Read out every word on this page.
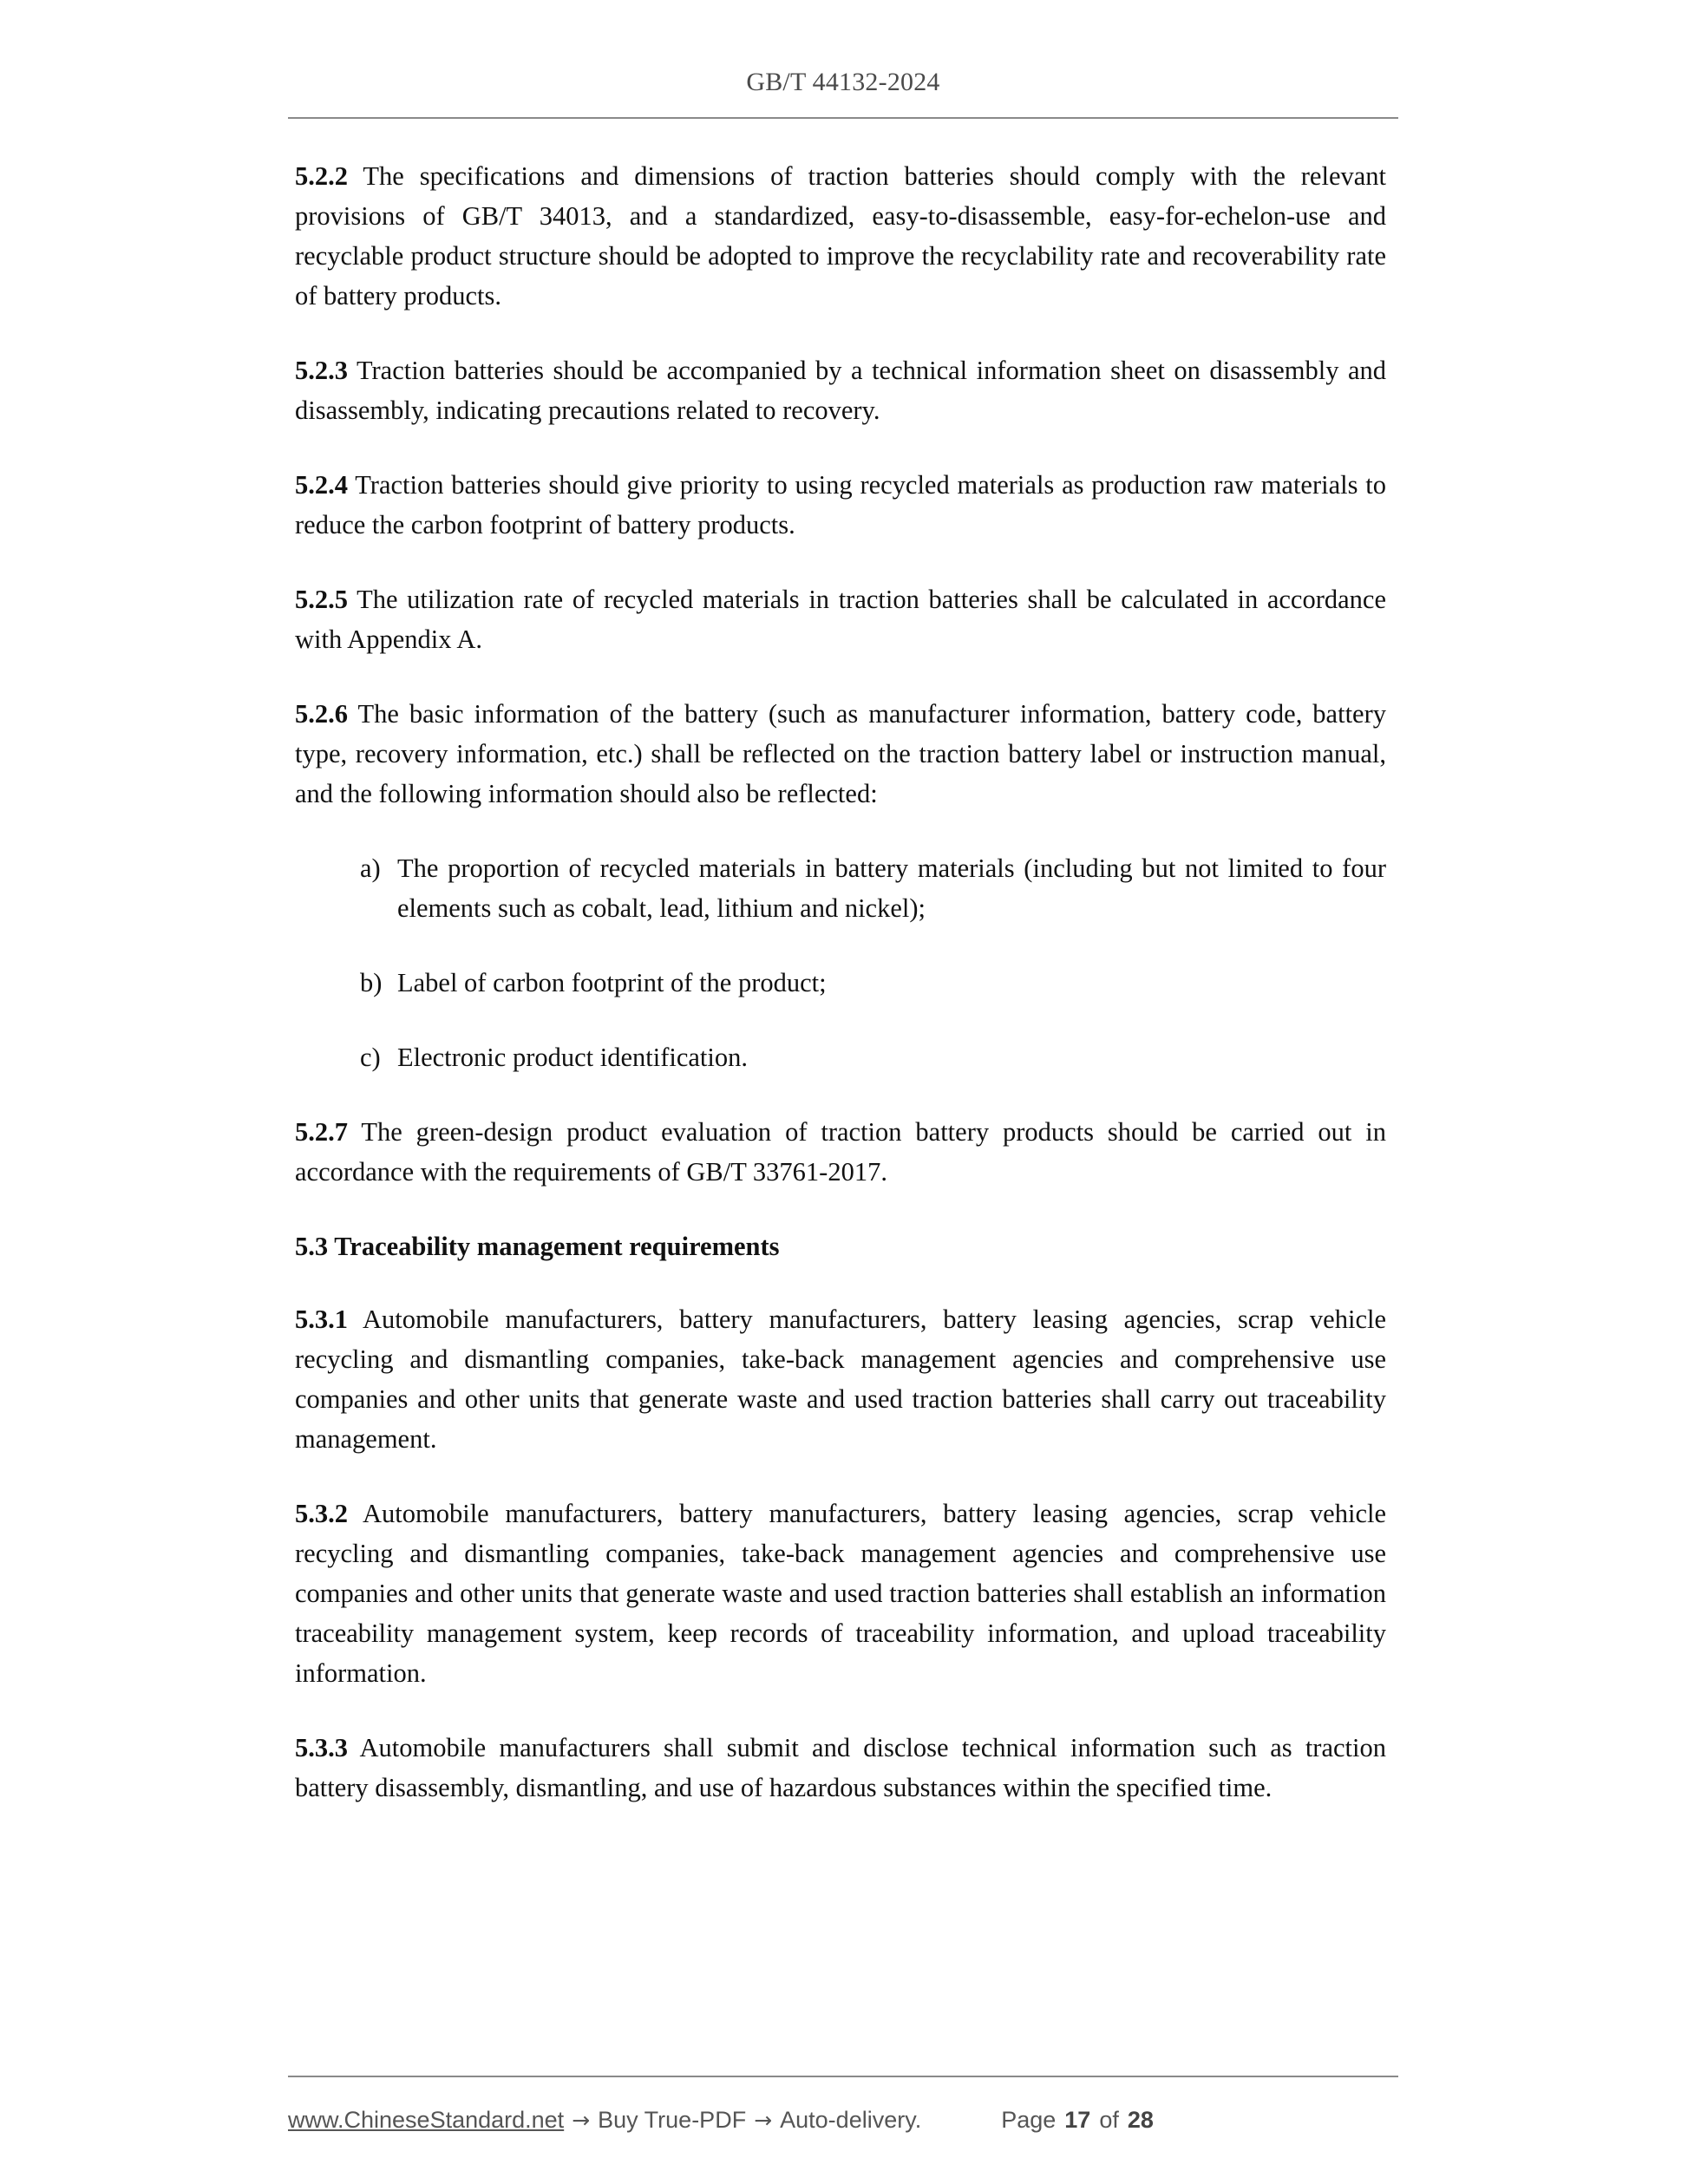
GB/T 44132-2024

5.2.2 The specifications and dimensions of traction batteries should comply with the relevant provisions of GB/T 34013, and a standardized, easy-to-disassemble, easy-for-echelon-use and recyclable product structure should be adopted to improve the recyclability rate and recoverability rate of battery products.

5.2.3 Traction batteries should be accompanied by a technical information sheet on disassembly and disassembly, indicating precautions related to recovery.

5.2.4 Traction batteries should give priority to using recycled materials as production raw materials to reduce the carbon footprint of battery products.

5.2.5 The utilization rate of recycled materials in traction batteries shall be calculated in accordance with Appendix A.

5.2.6 The basic information of the battery (such as manufacturer information, battery code, battery type, recovery information, etc.) shall be reflected on the traction battery label or instruction manual, and the following information should also be reflected:

a) The proportion of recycled materials in battery materials (including but not limited to four elements such as cobalt, lead, lithium and nickel);
b) Label of carbon footprint of the product;
c) Electronic product identification.

5.2.7 The green-design product evaluation of traction battery products should be carried out in accordance with the requirements of GB/T 33761-2017.

5.3 Traceability management requirements

5.3.1 Automobile manufacturers, battery manufacturers, battery leasing agencies, scrap vehicle recycling and dismantling companies, take-back management agencies and comprehensive use companies and other units that generate waste and used traction batteries shall carry out traceability management.

5.3.2 Automobile manufacturers, battery manufacturers, battery leasing agencies, scrap vehicle recycling and dismantling companies, take-back management agencies and comprehensive use companies and other units that generate waste and used traction batteries shall establish an information traceability management system, keep records of traceability information, and upload traceability information.

5.3.3 Automobile manufacturers shall submit and disclose technical information such as traction battery disassembly, dismantling, and use of hazardous substances within the specified time.

www.ChineseStandard.net → Buy True-PDF → Auto-delivery.	Page 17 of 28
